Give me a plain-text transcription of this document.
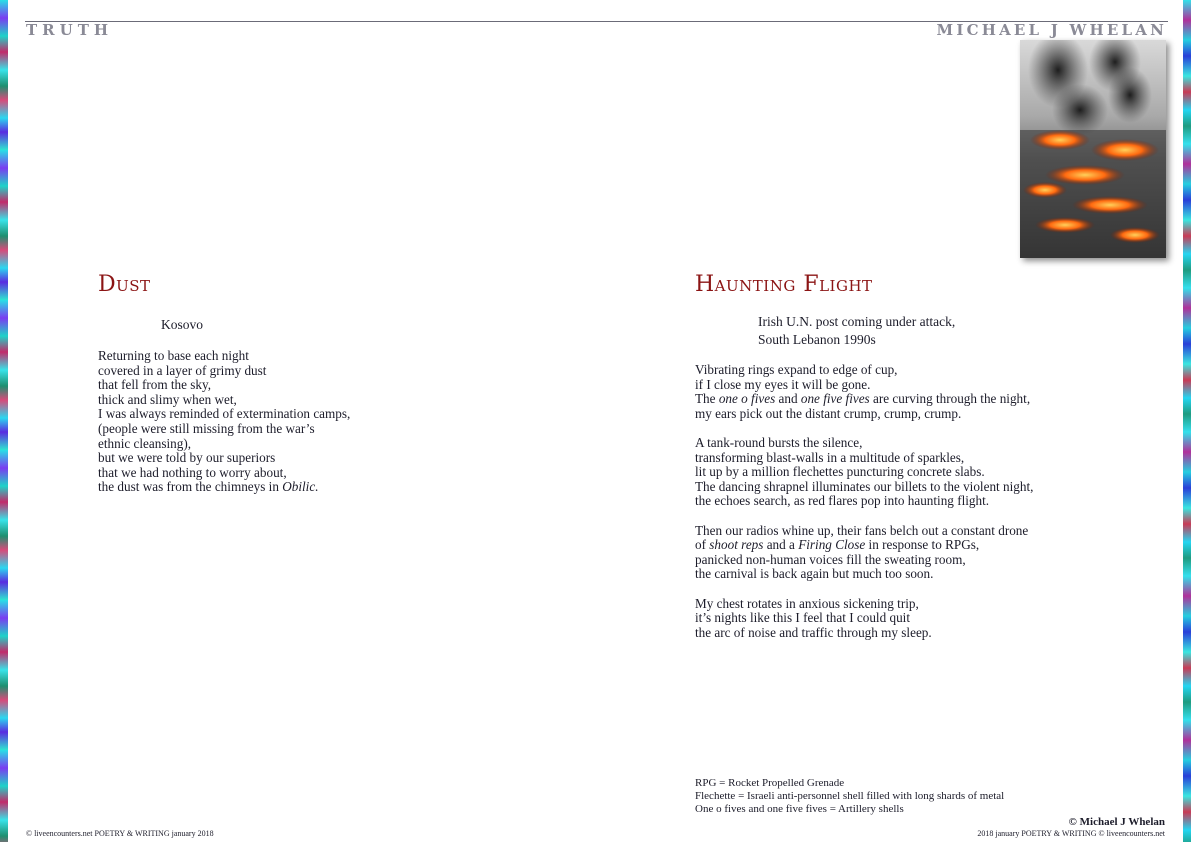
TRUTH	MICHAEL J WHELAN
Dust
Kosovo
Returning to base each night
covered in a layer of grimy dust
that fell from the sky,
thick and slimy when wet,
I was always reminded of extermination camps,
(people were still missing from the war’s
ethnic cleansing),
but we were told by our superiors
that we had nothing to worry about,
the dust was from the chimneys in Obilic.
Haunting Flight
Irish U.N. post coming under attack,
South Lebanon 1990s
Vibrating rings expand to edge of cup,
if I close my eyes it will be gone.
The one o fives and one five fives are curving through the night,
my ears pick out the distant crump, crump, crump.
A tank-round bursts the silence,
transforming blast-walls in a multitude of sparkles,
lit up by a million flechettes puncturing concrete slabs.
The dancing shrapnel illuminates our billets to the violent night,
the echoes search, as red flares pop into haunting flight.
Then our radios whine up, their fans belch out a constant drone
of shoot reps and a Firing Close in response to RPGs,
panicked non-human voices fill the sweating room,
the carnival is back again but much too soon.
My chest rotates in anxious sickening trip,
it’s nights like this I feel that I could quit
the arc of noise and traffic through my sleep.
RPG = Rocket Propelled Grenade
Flechette = Israeli anti-personnel shell filled with long shards of metal
One o fives and one five fives = Artillery shells
© Michael J Whelan
© liveencounters.net POETRY & WRITING january 2018	2018 january POETRY & WRITING © liveencounters.net
